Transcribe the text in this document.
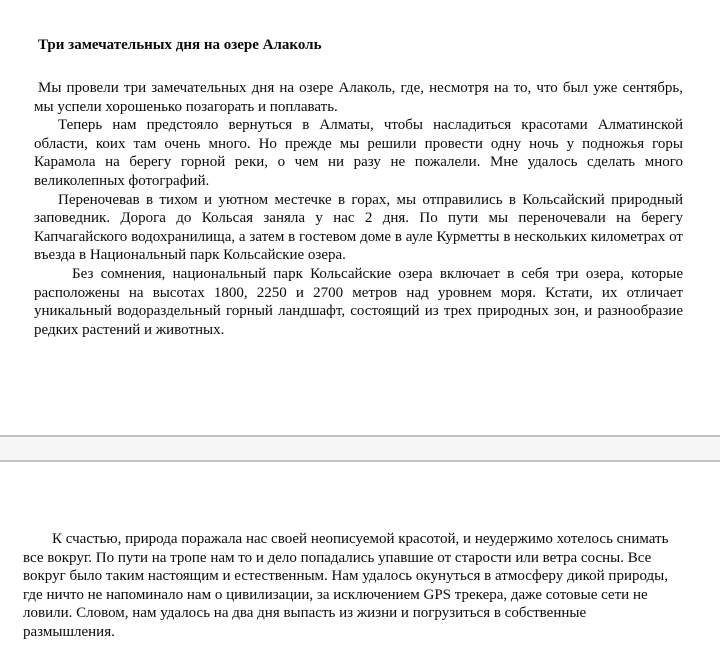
Три замечательных дня на озере Алаколь

Мы провели три замечательных дня на озере Алаколь, где, несмотря на то, что был уже сентябрь, мы успели хорошенько позагорать и поплавать.

Теперь нам предстояло вернуться в Алматы, чтобы насладиться красотами Алматинской области, коих там очень много. Но прежде мы решили провести одну ночь у подножья горы Карамола на берегу горной реки, о чем ни разу не пожалели. Мне удалось сделать много великолепных фотографий.

Переночевав в тихом и уютном местечке в горах, мы отправились в Кольсайский природный заповедник. Дорога до Кольсая заняла у нас 2 дня. По пути мы переночевали на берегу Капчагайского водохранилища, а затем в гостевом доме в ауле Курметты в нескольких километрах от въезда в Национальный парк Кольсайские озера.

Без сомнения, национальный парк Кольсайские озера включает в себя три озера, которые расположены на высотах 1800, 2250 и 2700 метров над уровнем моря. Кстати, их отличает уникальный водораздельный горный ландшафт, состоящий из трех природных зон, и разнообразие редких растений и животных.

К счастью, природа поражала нас своей неописуемой красотой, и неудержимо хотелось снимать все вокруг. По пути на тропе нам то и дело попадались упавшие от старости или ветра сосны. Все вокруг было таким настоящим и естественным. Нам удалось окунуться в атмосферу дикой природы, где ничто не напоминало нам о цивилизации, за исключением GPS трекера, даже сотовые сети не ловили. Словом, нам удалось на два дня выпасть из жизни и погрузиться в собственные размышления.
